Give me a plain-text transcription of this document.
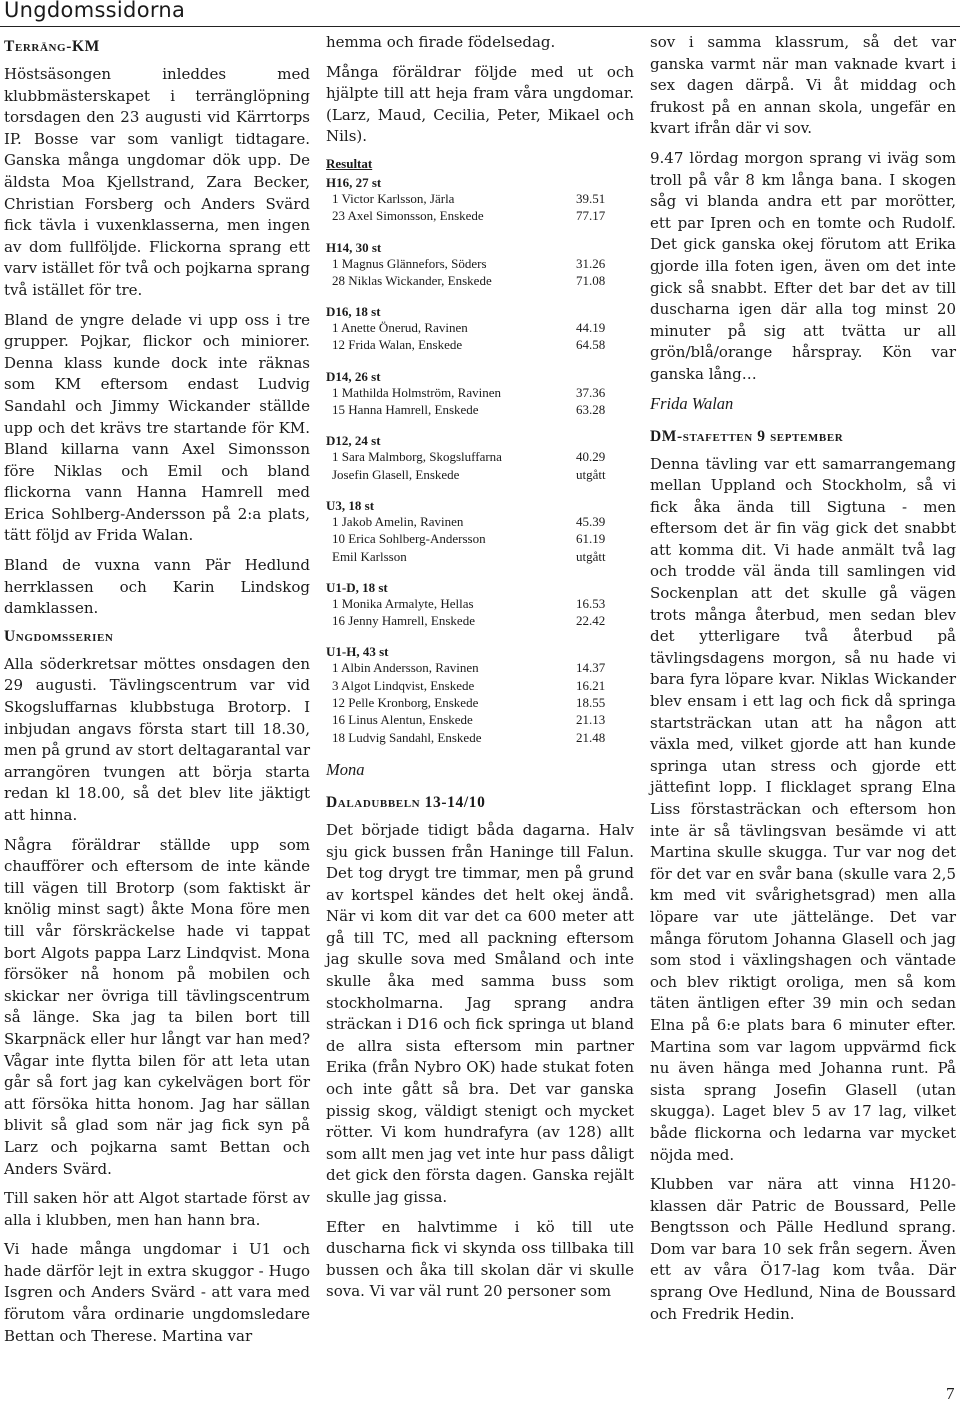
Ungdomssidorna
Terräng-KM

Höstsäsongen inleddes med klubbmästerskapet i terränglöpning torsdagen den 23 augusti vid Kärrtorps IP. Bosse var som vanligt tidtagare. Ganska många ungdomar dök upp. De äldsta Moa Kjellstrand, Zara Becker, Christian Forsberg och Anders Svärd fick tävla i vuxenklasserna, men ingen av dom fullföljde. Flickorna sprang ett varv istället för två och pojkarna sprang två istället för tre.

Bland de yngre delade vi upp oss i tre grupper. Pojkar, flickor och miniorer. Denna klass kunde dock inte räknas som KM eftersom endast Ludvig Sandahl och Jimmy Wickander ställde upp och det krävs tre startande för KM. Bland killarna vann Axel Simonsson före Niklas och Emil och bland flickorna vann Hanna Hamrell med Erica Sohlberg-Andersson på 2:a plats, tätt följd av Frida Walan.

Bland de vuxna vann Pär Hedlund herrklassen och Karin Lindskog damklassen.

Ungdomsserien

Alla söderkretsar möttes onsdagen den 29 augusti. Tävlingscentrum var vid Skogsluffarnas klubbstuga Brotorp. I inbjudan angavs första start till 18.30, men på grund av stort deltagarantal var arrangören tvungen att börja starta redan kl 18.00, så det blev lite jäktigt att hinna.

Några föräldrar ställde upp som chaufförer och eftersom de inte kände till vägen till Brotorp (som faktiskt är knölig minst sagt) åkte Mona före men till vår förskräckelse hade vi tappat bort Algots pappa Larz Lindqvist. Mona försöker nå honom på mobilen och skickar ner övriga till tävlingscentrum så länge. Ska jag ta bilen bort till Skarpnäck eller hur långt var han med? Vågar inte flytta bilen för att leta utan går så fort jag kan cykelvägen bort för att försöka hitta honom. Jag har sällan blivit så glad som när jag fick syn på Larz och pojkarna samt Bettan och Anders Svärd.

Till saken hör att Algot startade först av alla i klubben, men han hann bra.

Vi hade många ungdomar i U1 och hade därför lejt in extra skuggor - Hugo Isgren och Anders Svärd - att vara med förutom våra ordinarie ungdomsledare Bettan och Therese. Martina var

hemma och firade födelsedag.

Många föräldrar följde med ut och hjälpte till att heja fram våra ungdomar. (Larz, Maud, Cecilia, Peter, Mikael och Nils).

Resultat
H16, 27 st
1 Victor Karlsson, Järla	39.51
23 Axel Simonsson, Enskede	77.17
H14, 30 st
1 Magnus Glännefors, Söders	31.26
28 Niklas Wickander, Enskede	71.08
D16, 18 st
1 Anette Önerud, Ravinen	44.19
12 Frida Walan, Enskede	64.58
D14, 26 st
1 Mathilda Holmström, Ravinen	37.36
15 Hanna Hamrell, Enskede	63.28
D12, 24 st
1 Sara Malmborg, Skogsluffarna	40.29
Josefin Glasell, Enskede	utgått
U3, 18 st
1 Jakob Amelin, Ravinen	45.39
10 Erica Sohlberg-Andersson	61.19
Emil Karlsson	utgått
U1-D, 18 st
1 Monika Armalyte, Hellas	16.53
16 Jenny Hamrell, Enskede	22.42
U1-H, 43 st
1 Albin Andersson, Ravinen	14.37
3 Algot Lindqvist, Enskede	16.21
12 Pelle Kronborg, Enskede	18.55
16 Linus Alentun, Enskede	21.13
18 Ludvig Sandahl, Enskede	21.48
Mona
Daladubbeln 13-14/10

Det började tidigt båda dagarna. Halv sju gick bussen från Haninge till Falun. Det tog drygt tre timmar, men på grund av kortspel kändes det helt okej ändå. När vi kom dit var det ca 600 meter att gå till TC, med all packning eftersom jag skulle sova med Småland och inte skulle åka med samma buss som stockholmarna. Jag sprang andra sträckan i D16 och fick springa ut bland de allra sista eftersom min partner Erika (från Nybro OK) hade stukat foten och inte gått så bra. Det var ganska pissig skog, väldigt stenigt och mycket rötter. Vi kom hundrafyra (av 128) allt som allt men jag vet inte hur pass dåligt det gick den första dagen. Ganska rejält skulle jag gissa.

Efter en halvtimme i kö till ute duscharna fick vi skynda oss tillbaka till bussen och åka till skolan där vi skulle sova. Vi var väl runt 20 personer som

sov i samma klassrum, så det var ganska varmt när man vaknade kvart i sex dagen därpå. Vi åt middag och frukost på en annan skola, ungefär en kvart ifrån där vi sov.

9.47 lördag morgon sprang vi iväg som troll på vår 8 km långa bana. I skogen såg vi blanda andra ett par morötter, ett par Ipren och en tomte och Rudolf. Det gick ganska okej förutom att Erika gjorde illa foten igen, även om det inte gick så snabbt. Efter det bar det av till duscharna igen där alla tog minst 20 minuter på sig att tvätta ur all grön/blå/orange hårspray. Kön var ganska lång…

Frida Walan
DM-stafetten 9 september

Denna tävling var ett samarrangemang mellan Uppland och Stockholm, så vi fick åka ända till Sigtuna - men eftersom det är fin väg gick det snabbt att komma dit. Vi hade anmält två lag och trodde väl ända till samlingen vid Sockenplan att det skulle gå vägen trots många återbud, men sedan blev det ytterligare två återbud på tävlingsdagens morgon, så nu hade vi bara fyra löpare kvar. Niklas Wickander blev ensam i ett lag och fick då springa startsträckan utan att ha någon att växla med, vilket gjorde att han kunde springa utan stress och gjorde ett jättefint lopp. I flicklaget sprang Elna Liss förstasträckan och eftersom hon inte är så tävlingsvan besämde vi att Martina skulle skugga. Tur var nog det för det var en svår bana (skulle vara 2,5 km med vit svårighetsgrad) men alla löpare var ute jättelänge. Det var många förutom Johanna Glasell och jag som stod i växlingshagen och väntade och blev riktigt oroliga, men så kom täten äntligen efter 39 min och sedan Elna på 6:e plats bara 6 minuter efter. Martina som var lagom uppvärmd fick nu även hänga med Johanna runt. På sista sprang Josefin Glasell (utan skugga). Laget blev 5 av 17 lag, vilket både flickorna och ledarna var mycket nöjda med.

Klubben var nära att vinna H120-klassen där Patric de Boussard, Pelle Bengtsson och Pälle Hedlund sprang. Dom var bara 10 sek från segern. Även ett av våra Ö17-lag kom tvåa. Där sprang Ove Hedlund, Nina de Boussard och Fredrik Hedin.

7
